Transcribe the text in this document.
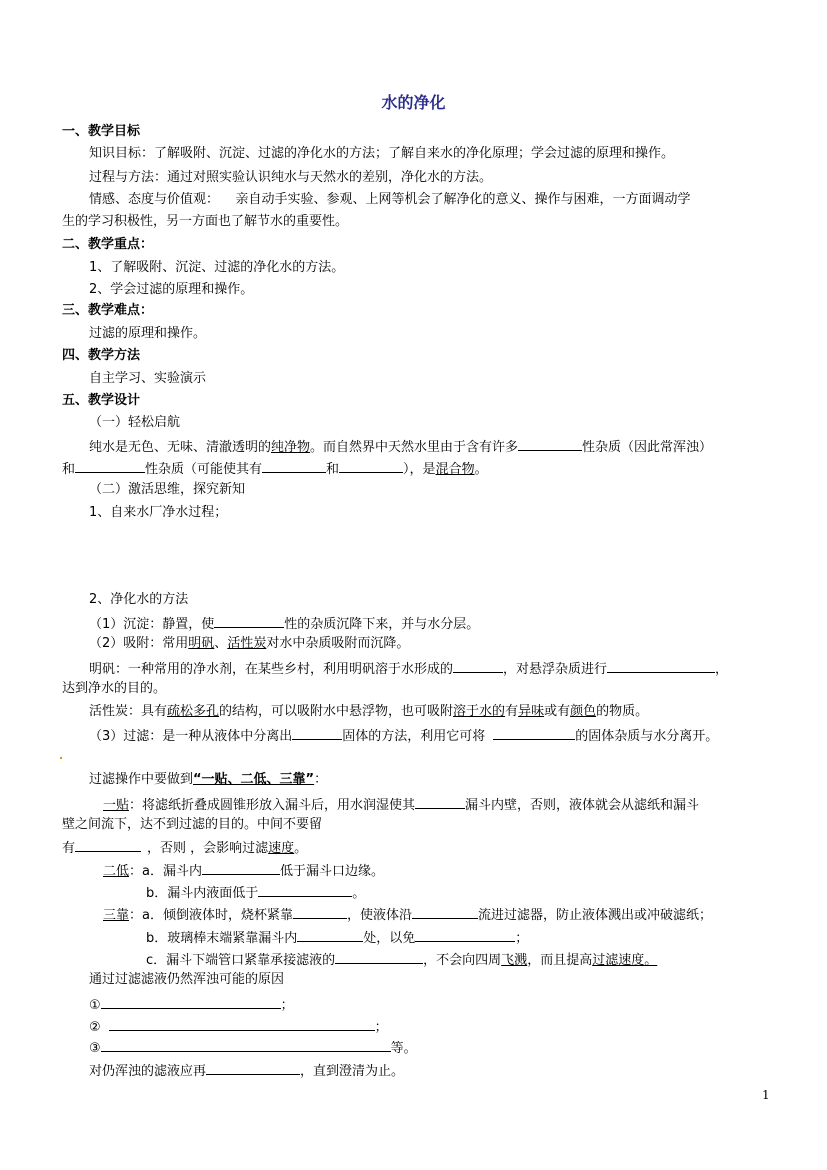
水的净化
一、教学目标
知识目标：了解吸附、沉淀、过滤的净化水的方法；了解自来水的净化原理；学会过滤的原理和操作。
过程与方法：通过对照实验认识纯水与天然水的差别，净化水的方法。
情感、态度与价值观：    亲自动手实验、参观、上网等机会了解净化的意义、操作与困难，一方面调动学
生的学习积极性，另一方面也了解节水的重要性。
二、教学重点：
1、了解吸附、沉淀、过滤的净化水的方法。
2、学会过滤的原理和操作。
三、教学难点：
过滤的原理和操作。
四、教学方法
自主学习、实验演示
五、教学设计
（一）轻松启航
纯水是无色、无味、清澈透明的纯净物。而自然界中天然水里由于含有许多	性杂质（因此常浑浊）
和	性杂质（可能使其有	和	），是混合物。
（二）激活思维，探究新知
1、自来水厂净水过程；
2、净化水的方法
（1）沉淀：静置，使	性的杂质沉降下来，并与水分层。
（2）吸附：常用明矾、活性炭对水中杂质吸附而沉降。
明矾：一种常用的净水剂，在某些乡村，利用明矾溶于水形成的	，对悬浮杂质进行	，
达到净水的目的。
活性炭：具有疏松多孔的结构，可以吸附水中悬浮物，也可吸附溶于水的有异味或有颜色的物质。
（3）过滤：是一种从液体中分离出	固体的方法，利用它可将	的固体杂质与水分离开。
过滤操作中要做到“一贴、二低、三靠”：
一贴：将滤纸折叠成圆锥形放入漏斗后，用水润湿使其	漏斗内壁，否则，液体就会从滤纸和漏斗
壁之间流下，达不到过滤的目的。中间不要留
有	，否则 ，会影响过滤速度。
二低：a．漏斗内	低于漏斗口边缘。
b．漏斗内液面低于	。
三靠：a．倾倒液体时，烧杯紧靠	，使液体沿	流进过滤器，防止液体溅出或冲破滤纸；
b．玻璃棒末端紧靠漏斗内	处，以免	；
c．漏斗下端管口紧靠承接滤液的	，不会向四周飞溅，而且提高过滤速度。
通过过滤滤液仍然浑浊可能的原因
①	；
②	；
③	等。
对仍浑浊的滤液应再	，直到澄清为止。
1
